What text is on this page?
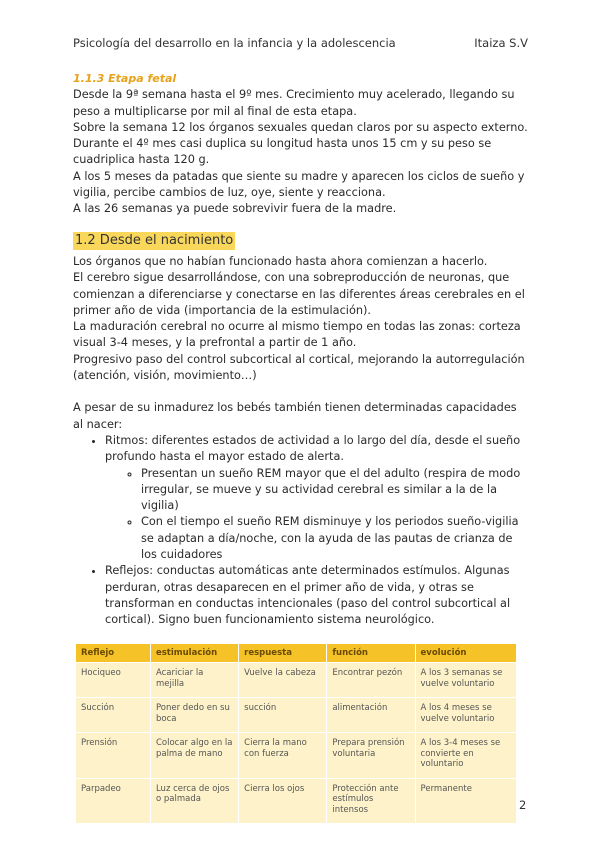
Psicología del desarrollo en la infancia y la adolescencia	Itaiza S.V
1.1.3 Etapa fetal

Desde la 9ª semana hasta el 9º mes. Crecimiento muy acelerado, llegando su peso a multiplicarse por mil al final de esta etapa.

Sobre la semana 12 los órganos sexuales quedan claros por su aspecto externo.

Durante el 4º mes casi duplica su longitud hasta unos 15 cm y su peso se cuadriplica hasta 120 g.

A los 5 meses da patadas que siente su madre y aparecen los ciclos de sueño y vigilia, percibe cambios de luz, oye, siente y reacciona.

A las 26 semanas ya puede sobrevivir fuera de la madre.

1.2 Desde el nacimiento

Los órganos que no habían funcionado hasta ahora comienzan a hacerlo.

El cerebro sigue desarrollándose, con una sobreproducción de neuronas, que comienzan a diferenciarse y conectarse en las diferentes áreas cerebrales en el primer año de vida (importancia de la estimulación).

La maduración cerebral no ocurre al mismo tiempo en todas las zonas: corteza visual 3-4 meses, y la prefrontal a partir de 1 año.

Progresivo paso del control subcortical al cortical, mejorando la autorregulación (atención, visión, movimiento…)

A pesar de su inmadurez los bebés también tienen determinadas capacidades al nacer:

• Ritmos: diferentes estados de actividad a lo largo del día, desde el sueño profundo hasta el mayor estado de alerta.
◦ Presentan un sueño REM mayor que el del adulto (respira de modo irregular, se mueve y su actividad cerebral es similar a la de la vigilia)
◦ Con el tiempo el sueño REM disminuye y los periodos sueño-vigilia se adaptan a día/noche, con la ayuda de las pautas de crianza de los cuidadores
• Reflejos: conductas automáticas ante determinados estímulos. Algunas perduran, otras desaparecen en el primer año de vida, y otras se transforman en conductas intencionales (paso del control subcortical al cortical). Signo buen funcionamiento sistema neurológico.
Reflejo	estimulación	respuesta	función	evolución
Hociqueo	Acariciar la mejilla	Vuelve la cabeza	Encontrar pezón	A los 3 semanas se vuelve voluntario
Succión	Poner dedo en su boca	succión	alimentación	A los 4 meses se vuelve voluntario
Prensión	Colocar algo en la palma de mano	Cierra la mano con fuerza	Prepara prensión voluntaria	A los 3-4 meses se convierte en voluntario
Parpadeo	Luz cerca de ojos o palmada	Cierra los ojos	Protección ante estímulos intensos	Permanente
2
